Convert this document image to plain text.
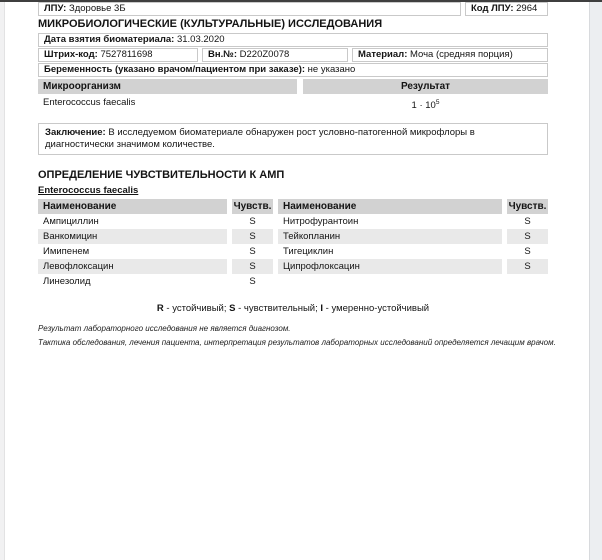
ЛПУ: Здоровье 3Б	Код ЛПУ: 2964
МИКРОБИОЛОГИЧЕСКИЕ (КУЛЬТУРАЛЬНЫЕ) ИССЛЕДОВАНИЯ
Дата взятия биоматериала: 31.03.2020
Штрих-код: 7527811698	Вн.№: D220Z0078	Материал: Моча (средняя порция)
Беременность (указано врачом/пациентом при заказе): не указано
Микроорганизм	Результат
Enterococcus faecalis	$1 \cdot 10^5$
Заключение: В исследуемом биоматериале обнаружен рост условно-патогенной микрофлоры в диагностически значимом количестве.
ОПРЕДЕЛЕНИЕ ЧУВСТВИТЕЛЬНОСТИ К АМП
Enterococcus faecalis
Наименование	Чувств.	Наименование	Чувств.
Ампициллин	S	Нитрофурантоин	S
Ванкомицин	S	Тейкопланин	S
Имипенем	S	Тигециклин	S
Левофлоксацин	S	Ципрофлоксацин	S
Линезолид	S
R - устойчивый; S - чувствительный; I - умеренно-устойчивый
Результат лабораторного исследования не является диагнозом.
Тактика обследования, лечения пациента, интерпретация результатов лабораторных исследований определяется лечащим врачом.
